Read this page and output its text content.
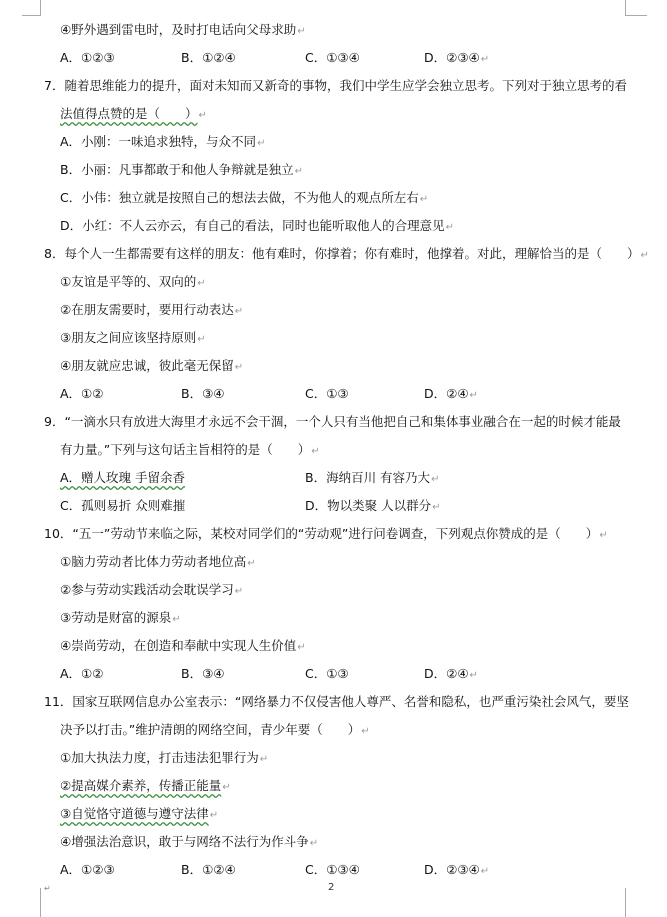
④野外遇到雷电时，及时打电话向父母求助↵
A．①②③	B．①②④	C．①③④	D．②③④↵
7．随着思维能力的提升，面对未知而又新奇的事物，我们中学生应学会独立思考。下列对于独立思考的看
法值得点赞的是（　　）↵
A．小刚：一味追求独特，与众不同↵
B．小丽：凡事都敢于和他人争辩就是独立↵
C．小伟：独立就是按照自己的想法去做，不为他人的观点所左右↵
D．小红：不人云亦云，有自己的看法，同时也能听取他人的合理意见↵
8．每个人一生都需要有这样的朋友：他有难时，你撑着；你有难时，他撑着。对此，理解恰当的是（　　）↵
①友谊是平等的、双向的↵
②在朋友需要时，要用行动表达↵
③朋友之间应该坚持原则↵
④朋友就应忠诚，彼此毫无保留↵
A．①②	B．③④	C．①③	D．②④↵
9．“一滴水只有放进大海里才永远不会干涸，一个人只有当他把自己和集体事业融合在一起的时候才能最
有力量。”下列与这句话主旨相符的是（　　）↵
A．赠人玫瑰 手留余香	B．海纳百川 有容乃大↵
C．孤则易折 众则难摧	D．物以类聚 人以群分↵
10．“五一”劳动节来临之际，某校对同学们的“劳动观”进行问卷调查，下列观点你赞成的是（　　）↵
①脑力劳动者比体力劳动者地位高↵
②参与劳动实践活动会耽误学习↵
③劳动是财富的源泉↵
④崇尚劳动，在创造和奉献中实现人生价值↵
A．①②	B．③④	C．①③	D．②④↵
11．国家互联网信息办公室表示：“网络暴力不仅侵害他人尊严、名誉和隐私，也严重污染社会风气，要坚
决予以打击。”维护清朗的网络空间，青少年要（　　）↵
①加大执法力度，打击违法犯罪行为↵
②提高媒介素养，传播正能量↵
③自觉恪守道德与遵守法律↵
④增强法治意识，敢于与网络不法行为作斗争↵
A．①②③	B．①②④	C．①③④	D．②③④↵
↵	2
